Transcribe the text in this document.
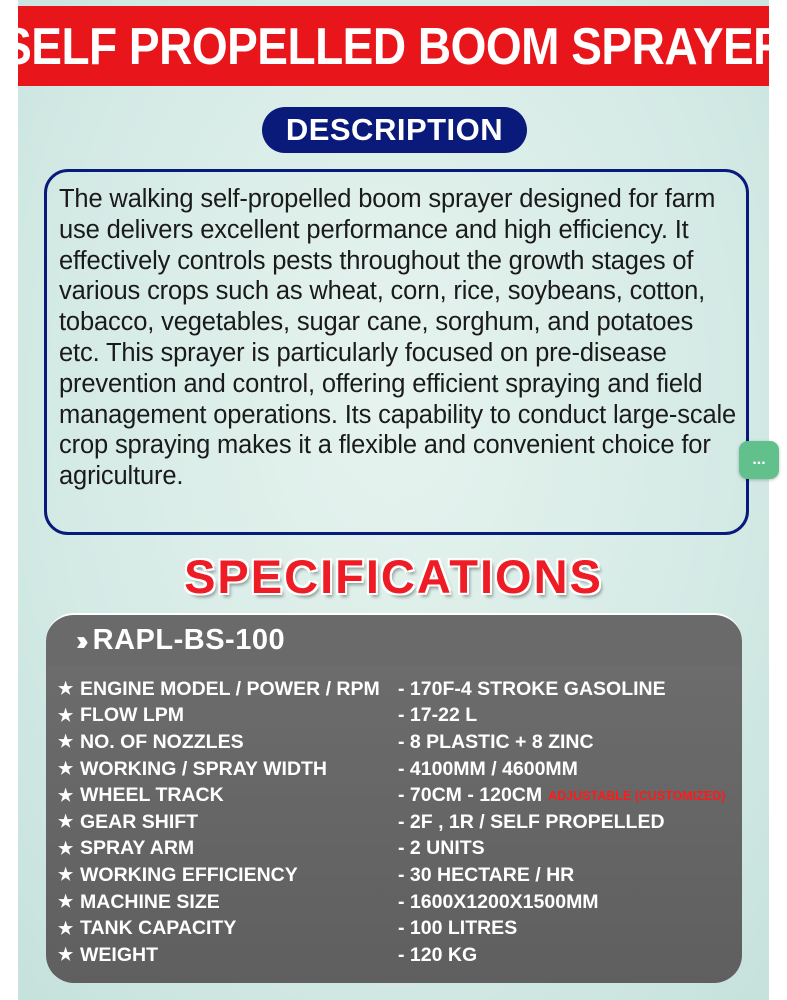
SELF PROPELLED BOOM SPRAYER
DESCRIPTION

The walking self-propelled boom sprayer designed for farm use delivers excellent performance and high efficiency. It effectively controls pests throughout the growth stages of various crops such as wheat, corn, rice, soybeans, cotton, tobacco, vegetables, sugar cane, sorghum, and potatoes etc. This sprayer is particularly focused on pre-disease prevention and control, offering efficient spraying and field management operations. Its capability to conduct large-scale crop spraying makes it a flexible and convenient choice for agriculture.

...
SPECIFICATIONS
›› RAPL-BS-100
★ ENGINE MODEL / POWER / RPM - 170F-4 STROKE GASOLINE
★ FLOW LPM	- 17-22 L
★ NO. OF NOZZLES	- 8 PLASTIC + 8 ZINC
★ WORKING / SPRAY WIDTH	- 4100MM / 4600MM
★ WHEEL TRACK	- 70CM - 120CM ADJUSTABLE (CUSTOMIZED)
★ GEAR SHIFT	- 2F , 1R / SELF PROPELLED
★ SPRAY ARM	- 2 UNITS
★ WORKING EFFICIENCY	- 30 HECTARE / HR
★ MACHINE SIZE	- 1600X1200X1500MM
★ TANK CAPACITY	- 100 LITRES
★ WEIGHT	- 120 KG
